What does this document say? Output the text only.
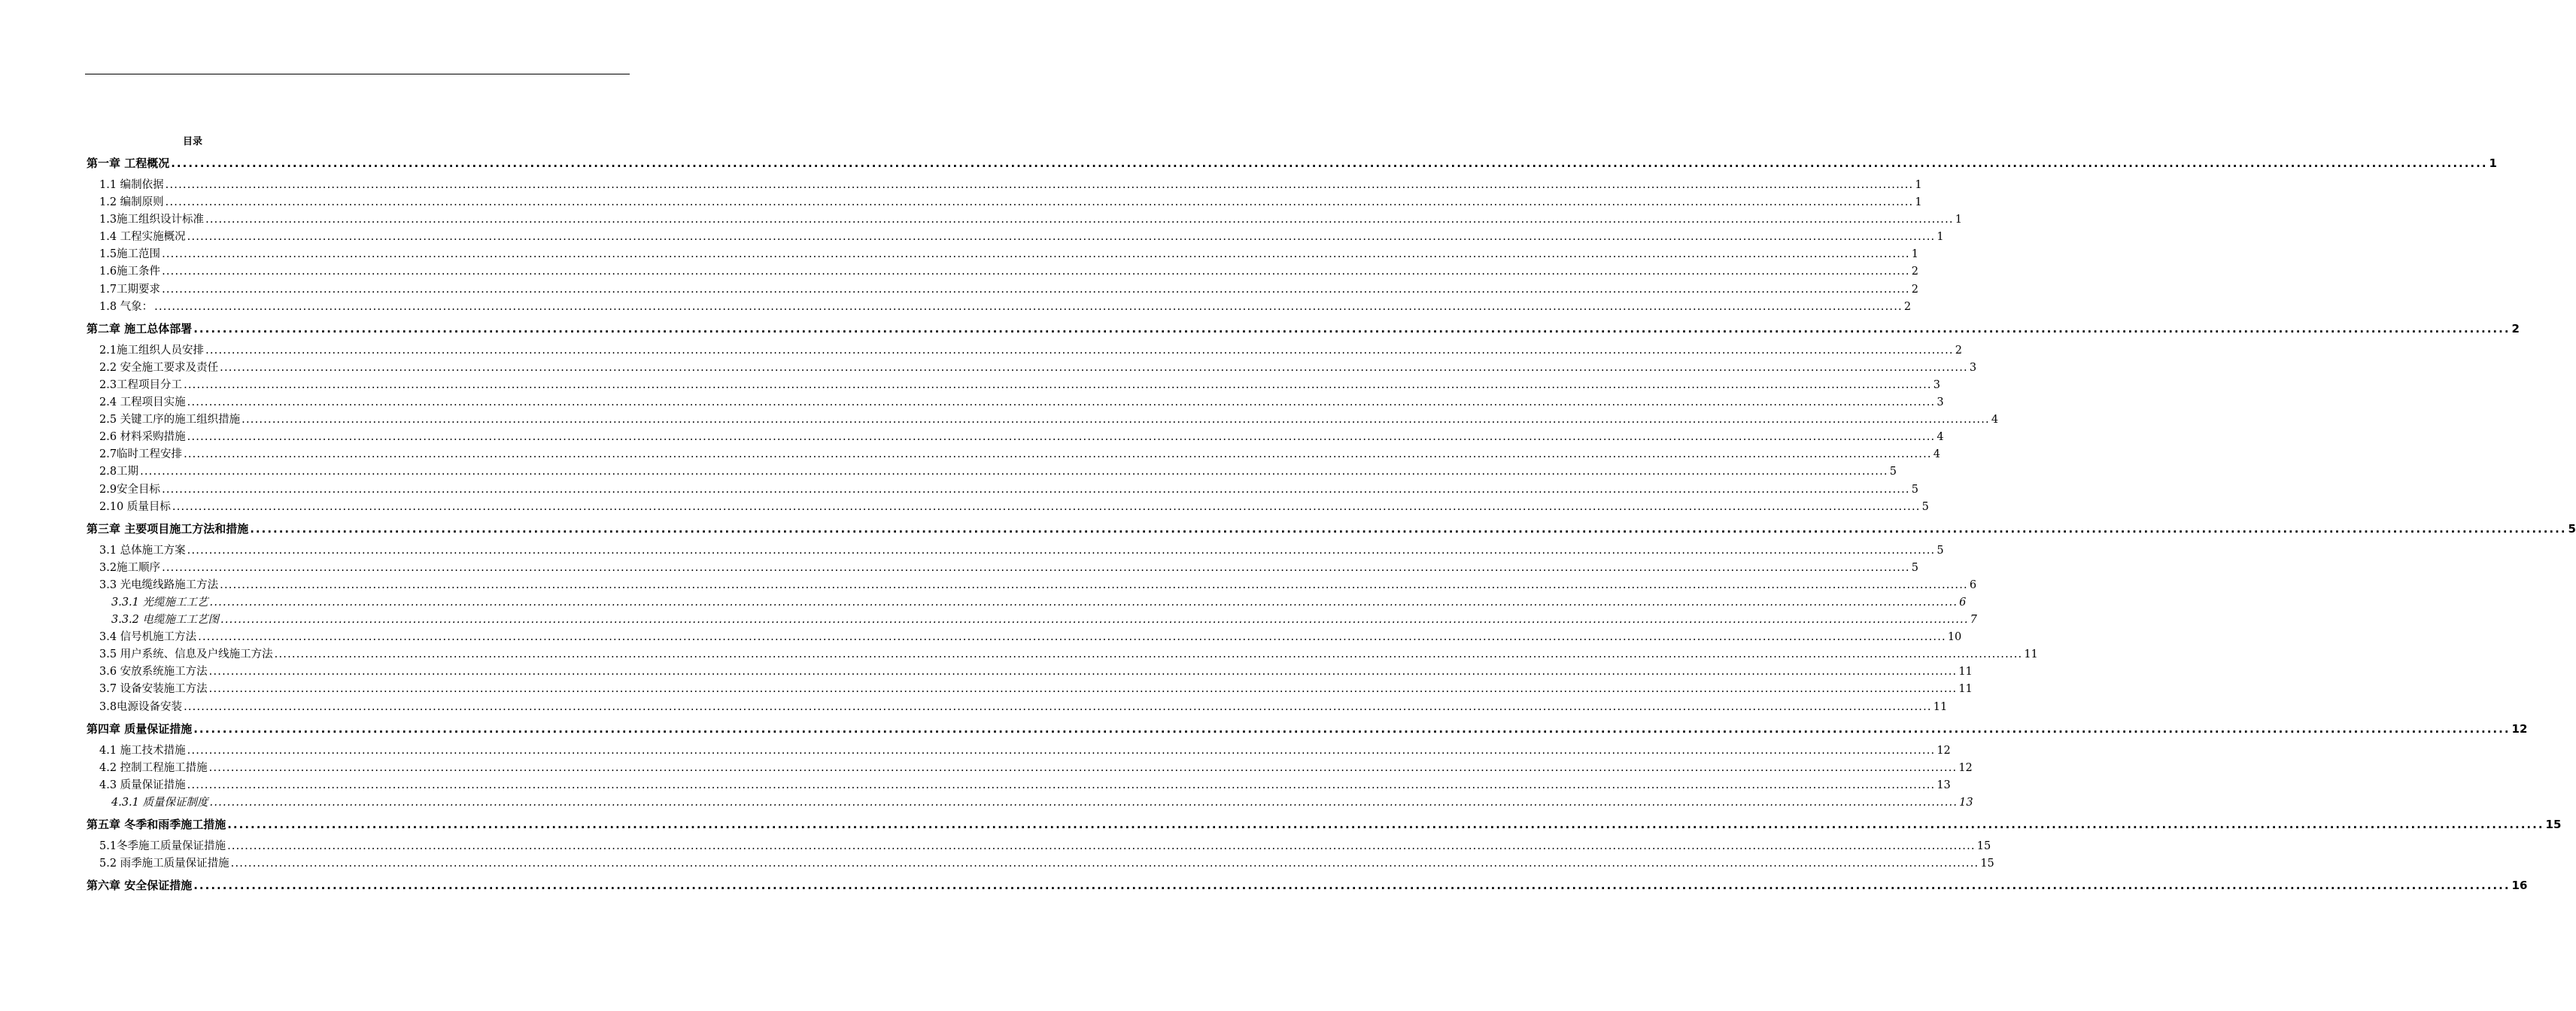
目录
第一章 工程概况 ................................................................................................................................................................................................................................................................................................................................................................................................................ 1
1.1 编制依据 ................................................................................................................................................................................................................................................................................................................................................................................................................ 1
1.2 编制原则 ................................................................................................................................................................................................................................................................................................................................................................................................................ 1
1.3施工组织设计标准 ................................................................................................................................................................................................................................................................................................................................................................................................................ 1
1.4 工程实施概况 ................................................................................................................................................................................................................................................................................................................................................................................................................ 1
1.5施工范围 ................................................................................................................................................................................................................................................................................................................................................................................................................ 1
1.6施工条件 ................................................................................................................................................................................................................................................................................................................................................................................................................ 2
1.7工期要求 ................................................................................................................................................................................................................................................................................................................................................................................................................ 2
1.8 气象： ................................................................................................................................................................................................................................................................................................................................................................................................................ 2
第二章 施工总体部署 ................................................................................................................................................................................................................................................................................................................................................................................................................ 2
2.1施工组织人员安排 ................................................................................................................................................................................................................................................................................................................................................................................................................ 2
2.2 安全施工要求及责任 ................................................................................................................................................................................................................................................................................................................................................................................................................ 3
2.3工程项目分工 ................................................................................................................................................................................................................................................................................................................................................................................................................ 3
2.4 工程项目实施 ................................................................................................................................................................................................................................................................................................................................................................................................................ 3
2.5 关键工序的施工组织措施 ................................................................................................................................................................................................................................................................................................................................................................................................................ 4
2.6 材料采购措施 ................................................................................................................................................................................................................................................................................................................................................................................................................ 4
2.7临时工程安排 ................................................................................................................................................................................................................................................................................................................................................................................................................ 4
2.8工期 ................................................................................................................................................................................................................................................................................................................................................................................................................ 5
2.9安全目标 ................................................................................................................................................................................................................................................................................................................................................................................................................ 5
2.10 质量目标 ................................................................................................................................................................................................................................................................................................................................................................................................................ 5
第三章 主要项目施工方法和措施 ................................................................................................................................................................................................................................................................................................................................................................................................................ 5
3.1 总体施工方案 ................................................................................................................................................................................................................................................................................................................................................................................................................ 5
3.2施工顺序 ................................................................................................................................................................................................................................................................................................................................................................................................................ 5
3.3 光电缆线路施工方法 ................................................................................................................................................................................................................................................................................................................................................................................................................ 6
3.3.1 光缆施工工艺 ................................................................................................................................................................................................................................................................................................................................................................................................................ 6
3.3.2 电缆施工工艺图 ................................................................................................................................................................................................................................................................................................................................................................................................................ 7
3.4 信号机施工方法 ................................................................................................................................................................................................................................................................................................................................................................................................................ 10
3.5 用户系统、信息及户线施工方法 ................................................................................................................................................................................................................................................................................................................................................................................................................ 11
3.6 安放系统施工方法 ................................................................................................................................................................................................................................................................................................................................................................................................................ 11
3.7 设备安装施工方法 ................................................................................................................................................................................................................................................................................................................................................................................................................ 11
3.8电源设备安装 ................................................................................................................................................................................................................................................................................................................................................................................................................ 11
第四章 质量保证措施 ................................................................................................................................................................................................................................................................................................................................................................................................................ 12
4.1 施工技术措施 ................................................................................................................................................................................................................................................................................................................................................................................................................ 12
4.2 控制工程施工措施 ................................................................................................................................................................................................................................................................................................................................................................................................................ 12
4.3 质量保证措施 ................................................................................................................................................................................................................................................................................................................................................................................................................ 13
4.3.1 质量保证制度 ................................................................................................................................................................................................................................................................................................................................................................................................................ 13
第五章 冬季和雨季施工措施 ................................................................................................................................................................................................................................................................................................................................................................................................................ 15
5.1冬季施工质量保证措施 ................................................................................................................................................................................................................................................................................................................................................................................................................ 15
5.2 雨季施工质量保证措施 ................................................................................................................................................................................................................................................................................................................................................................................................................ 15
第六章 安全保证措施 ................................................................................................................................................................................................................................................................................................................................................................................................................ 16
